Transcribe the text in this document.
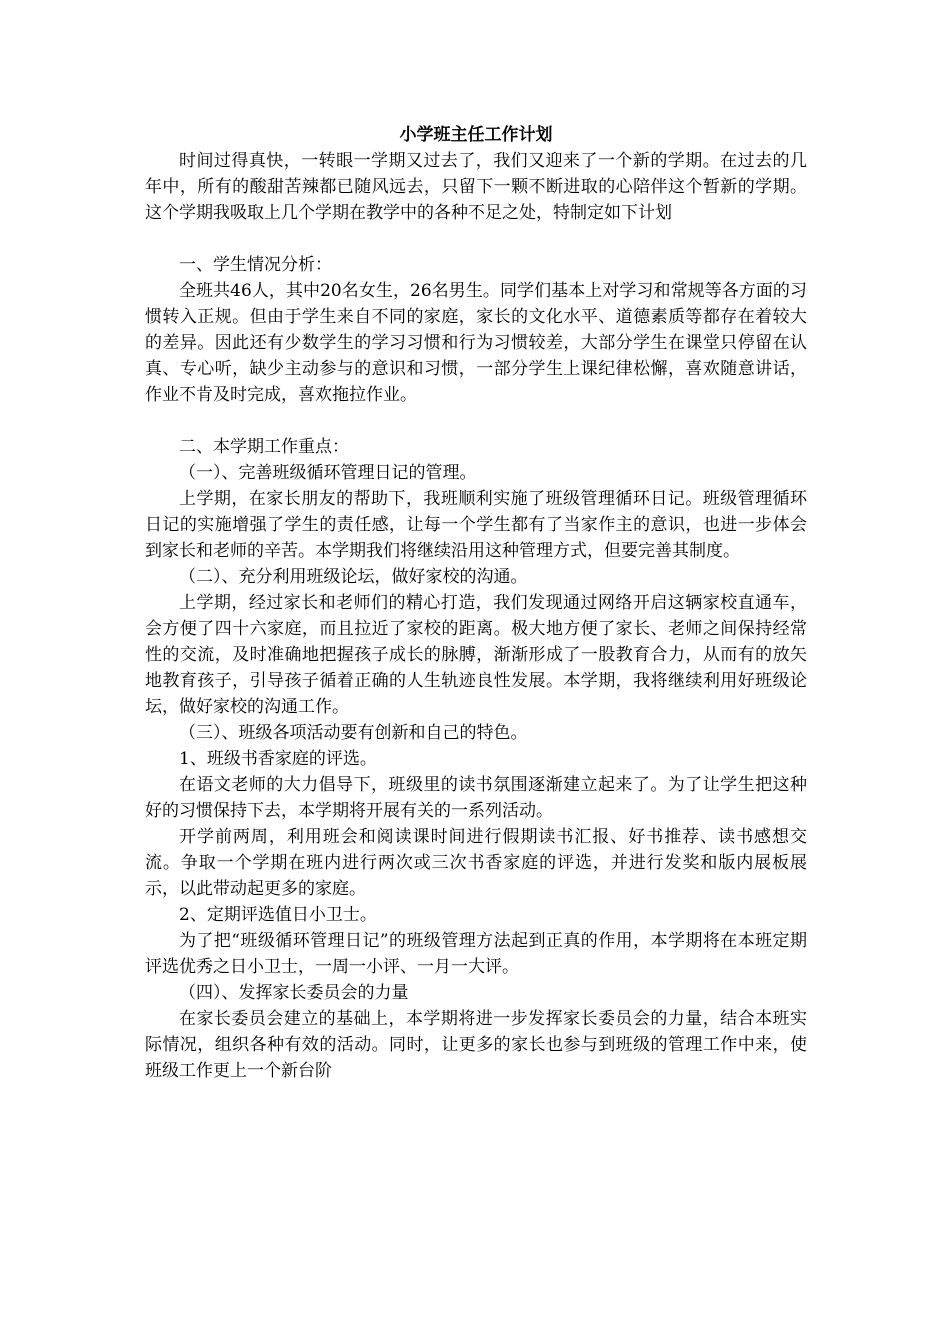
小学班主任工作计划

时间过得真快，一转眼一学期又过去了，我们又迎来了一个新的学期。在过去的几年中，所有的酸甜苦辣都已随风远去，只留下一颗不断进取的心陪伴这个暂新的学期。这个学期我吸取上几个学期在教学中的各种不足之处，特制定如下计划

一、学生情况分析：

全班共46人，其中20名女生，26名男生。同学们基本上对学习和常规等各方面的习惯转入正规。但由于学生来自不同的家庭，家长的文化水平、道德素质等都存在着较大的差异。因此还有少数学生的学习习惯和行为习惯较差，大部分学生在课堂只停留在认真、专心听，缺少主动参与的意识和习惯，一部分学生上课纪律松懈，喜欢随意讲话，作业不肯及时完成，喜欢拖拉作业。

二、本学期工作重点：

（一）、完善班级循环管理日记的管理。

上学期，在家长朋友的帮助下，我班顺利实施了班级管理循环日记。班级管理循环日记的实施增强了学生的责任感，让每一个学生都有了当家作主的意识，也进一步体会到家长和老师的辛苦。本学期我们将继续沿用这种管理方式，但要完善其制度。

（二）、充分利用班级论坛，做好家校的沟通。

上学期，经过家长和老师们的精心打造，我们发现通过网络开启这辆家校直通车，会方便了四十六家庭，而且拉近了家校的距离。极大地方便了家长、老师之间保持经常性的交流，及时准确地把握孩子成长的脉膊，渐渐形成了一股教育合力，从而有的放矢地教育孩子，引导孩子循着正确的人生轨迹良性发展。本学期，我将继续利用好班级论坛，做好家校的沟通工作。

（三）、班级各项活动要有创新和自己的特色。

1、班级书香家庭的评选。

在语文老师的大力倡导下，班级里的读书氛围逐渐建立起来了。为了让学生把这种好的习惯保持下去，本学期将开展有关的一系列活动。

开学前两周，利用班会和阅读课时间进行假期读书汇报、好书推荐、读书感想交流。争取一个学期在班内进行两次或三次书香家庭的评选，并进行发奖和版内展板展示，以此带动起更多的家庭。

2、定期评选值日小卫士。

为了把“班级循环管理日记”的班级管理方法起到正真的作用，本学期将在本班定期评选优秀之日小卫士，一周一小评、一月一大评。

（四）、发挥家长委员会的力量

在家长委员会建立的基础上，本学期将进一步发挥家长委员会的力量，结合本班实际情况，组织各种有效的活动。同时，让更多的家长也参与到班级的管理工作中来，使班级工作更上一个新台阶
